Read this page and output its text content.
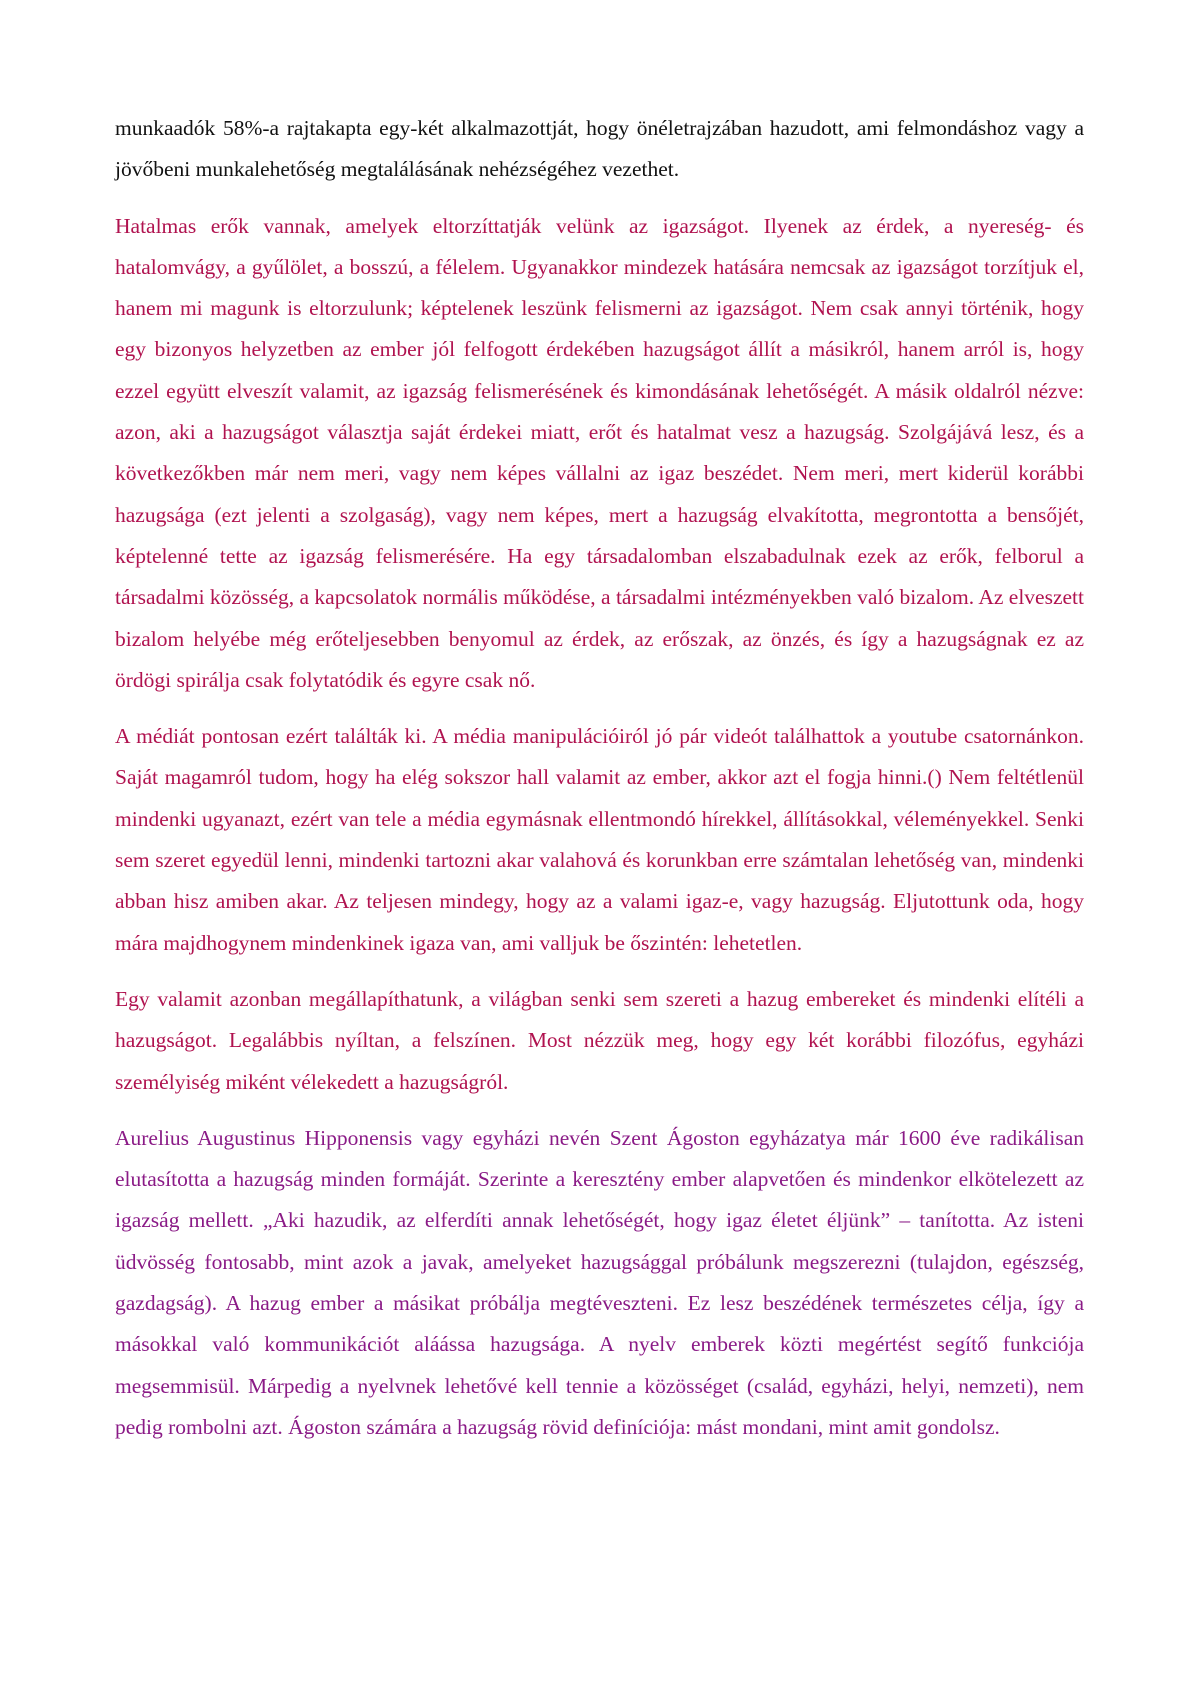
munkaadók 58%-a rajtakapta egy-két alkalmazottját, hogy önéletrajzában hazudott, ami felmondáshoz vagy a jövőbeni munkalehetőség megtalálásának nehézségéhez vezethet.

Hatalmas erők vannak, amelyek eltorzíttatják velünk az igazságot. Ilyenek az érdek, a nyereség- és hatalomvágy, a gyűlölet, a bosszú, a félelem. Ugyanakkor mindezek hatására nemcsak az igazságot torzítjuk el, hanem mi magunk is eltorzulunk; képtelenek leszünk felismerni az igazságot. Nem csak annyi történik, hogy egy bizonyos helyzetben az ember jól felfogott érdekében hazugságot állít a másikról, hanem arról is, hogy ezzel együtt elveszít valamit, az igazság felismerésének és kimondásának lehetőségét. A másik oldalról nézve: azon, aki a hazugságot választja saját érdekei miatt, erőt és hatalmat vesz a hazugság. Szolgájává lesz, és a következőkben már nem meri, vagy nem képes vállalni az igaz beszédet. Nem meri, mert kiderül korábbi hazugsága (ezt jelenti a szolgaság), vagy nem képes, mert a hazugság elvakította, megrontotta a bensőjét, képtelenné tette az igazság felismerésére. Ha egy társadalomban elszabadulnak ezek az erők, felborul a társadalmi közösség, a kapcsolatok normális működése, a társadalmi intézményekben való bizalom. Az elveszett bizalom helyébe még erőteljesebben benyomul az érdek, az erőszak, az önzés, és így a hazugságnak ez az ördögi spirálja csak folytatódik és egyre csak nő.

A médiát pontosan ezért találták ki. A média manipulációiról jó pár videót találhattok a youtube csatornánkon. Saját magamról tudom, hogy ha elég sokszor hall valamit az ember, akkor azt el fogja hinni.() Nem feltétlenül mindenki ugyanazt, ezért van tele a média egymásnak ellentmondó hírekkel, állításokkal, véleményekkel. Senki sem szeret egyedül lenni, mindenki tartozni akar valahová és korunkban erre számtalan lehetőség van, mindenki abban hisz amiben akar. Az teljesen mindegy, hogy az a valami igaz-e, vagy hazugság. Eljutottunk oda, hogy mára majdhogynem mindenkinek igaza van, ami valljuk be őszintén: lehetetlen.

Egy valamit azonban megállapíthatunk, a világban senki sem szereti a hazug embereket és mindenki elítéli a hazugságot. Legalábbis nyíltan, a felszínen. Most nézzük meg, hogy egy két korábbi filozófus, egyházi személyiség miként vélekedett a hazugságról.

Aurelius Augustinus Hipponensis vagy egyházi nevén Szent Ágoston egyházatya már 1600 éve radikálisan elutasította a hazugság minden formáját. Szerinte a keresztény ember alapvetően és mindenkor elkötelezett az igazság mellett. „Aki hazudik, az elferdíti annak lehetőségét, hogy igaz életet éljünk” – tanította. Az isteni üdvösség fontosabb, mint azok a javak, amelyeket hazugsággal próbálunk megszerezni (tulajdon, egészség, gazdagság). A hazug ember a másikat próbálja megtéveszteni. Ez lesz beszédének természetes célja, így a másokkal való kommunikációt aláássa hazugsága. A nyelv emberek közti megértést segítő funkciója megsemmisül. Márpedig a nyelvnek lehetővé kell tennie a közösséget (család, egyházi, helyi, nemzeti), nem pedig rombolni azt. Ágoston számára a hazugság rövid definíciója: mást mondani, mint amit gondolsz.
